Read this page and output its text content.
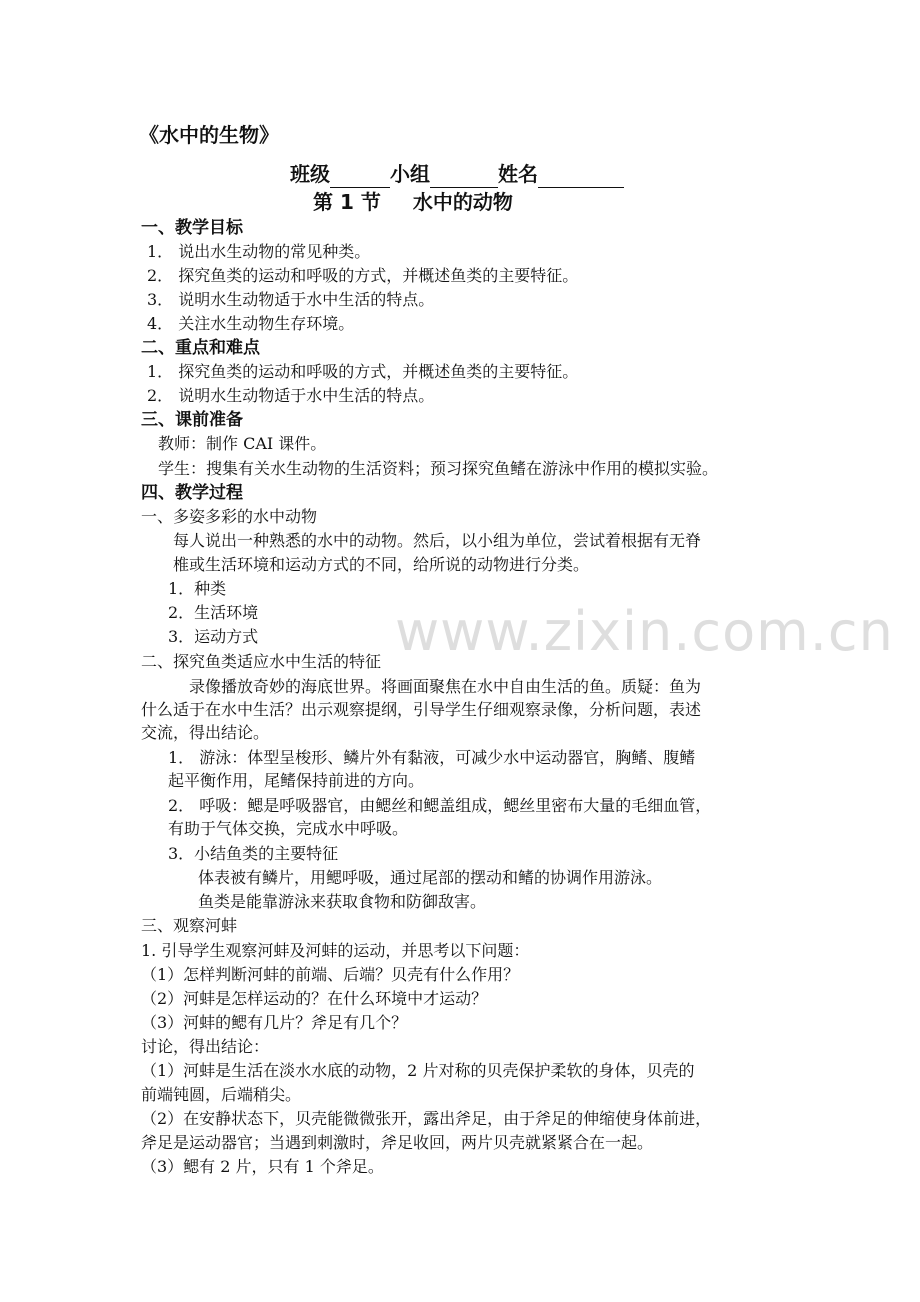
《水中的生物》
班级	小组	姓名
第 1 节 水中的动物
一、教学目标
1． 说出水生动物的常见种类。
2． 探究鱼类的运动和呼吸的方式，并概述鱼类的主要特征。
3． 说明水生动物适于水中生活的特点。
4． 关注水生动物生存环境。
二、重点和难点
1． 探究鱼类的运动和呼吸的方式，并概述鱼类的主要特征。
2． 说明水生动物适于水中生活的特点。
三、课前准备
教师：制作 CAI 课件。
学生：搜集有关水生动物的生活资料；预习探究鱼鳍在游泳中作用的模拟实验。
四、教学过程
一、多姿多彩的水中动物
每人说出一种熟悉的水中的动物。然后，以小组为单位，尝试着根据有无脊
椎或生活环境和运动方式的不同，给所说的动物进行分类。
1．种类
2．生活环境
3．运动方式
二、探究鱼类适应水中生活的特征
录像播放奇妙的海底世界。将画面聚焦在水中自由生活的鱼。质疑：鱼为
什么适于在水中生活？出示观察提纲，引导学生仔细观察录像，分析问题，表述
交流，得出结论。
1． 游泳：体型呈梭形、鳞片外有黏液，可减少水中运动器官，胸鳍、腹鳍
起平衡作用，尾鳍保持前进的方向。
2． 呼吸：鳃是呼吸器官，由鳃丝和鳃盖组成，鳃丝里密布大量的毛细血管，
有助于气体交换，完成水中呼吸。
3．小结鱼类的主要特征
体表被有鳞片，用鳃呼吸，通过尾部的摆动和鳍的协调作用游泳。
鱼类是能靠游泳来获取食物和防御敌害。
三、观察河蚌
1. 引导学生观察河蚌及河蚌的运动，并思考以下问题：
（1）怎样判断河蚌的前端、后端？贝壳有什么作用？
（2）河蚌是怎样运动的？在什么环境中才运动？
（3）河蚌的鳃有几片？斧足有几个？
讨论，得出结论：
（1）河蚌是生活在淡水水底的动物，2 片对称的贝壳保护柔软的身体，贝壳的
前端钝圆，后端稍尖。
（2）在安静状态下，贝壳能微微张开，露出斧足，由于斧足的伸缩使身体前进，
斧足是运动器官；当遇到刺激时，斧足收回，两片贝壳就紧紧合在一起。
（3）鳃有 2 片，只有 1 个斧足。
www.zixin.com.cn
